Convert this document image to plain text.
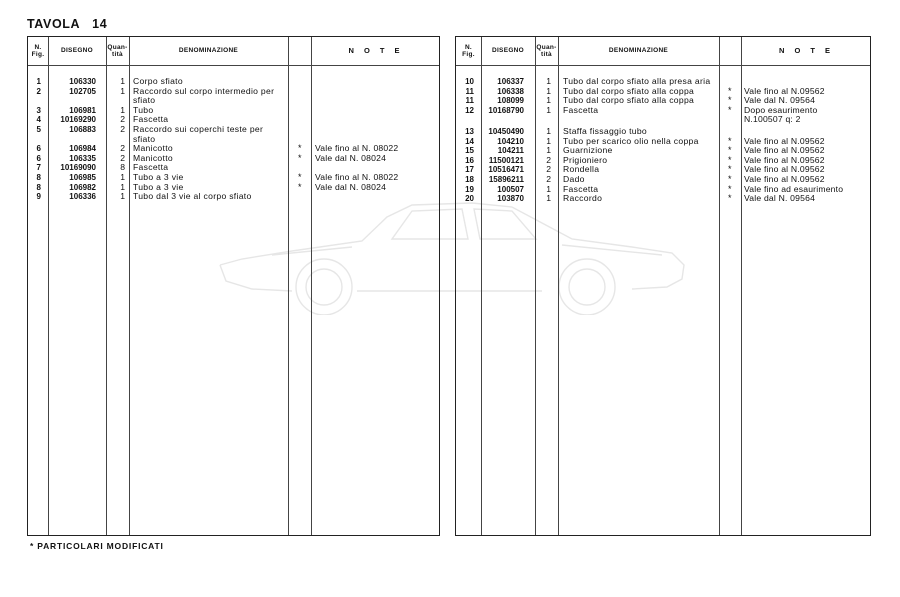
TAVOLA 14
N.
Fig.
DISEGNO
Quan-
tità
DENOMINAZIONE	N O T E
1	106330	1 Corpo sfiato
2	102705	1 Raccordo sul corpo intermedio per
sfiato
3	106981	1 Tubo
4	10169290	2 Fascetta
5	106883	2 Raccordo sui coperchi teste per
sfiato
6	106984	2 Manicotto	* Vale fino al N. 08022
6	106335	2 Manicotto	* Vale dal N. 08024
7	10169090	8 Fascetta
8	106985	1 Tubo a 3 vie	* Vale fino al N. 08022
8	106982	1 Tubo a 3 vie	* Vale dal N. 08024
9	106336	1 Tubo dal 3 vie al corpo sfiato
N.
Fig.
DISEGNO
Quan-
tità
DENOMINAZIONE	N O T E
10	106337	1 Tubo dal corpo sfiato alla presa aria
11	106338	1 Tubo dal corpo sfiato alla coppa	* Vale fino al N.09562
11	108099	1 Tubo dal corpo sfiato alla coppa	* Vale dal N. 09564
12	10168790	1 Fascetta	* Dopo esaurimento
N.100507 q: 2
13	10450490	1 Staffa fissaggio tubo
14	104210	1 Tubo per scarico olio nella coppa	* Vale fino al N.09562
15	104211	1 Guarnizione	* Vale fino al N.09562
16	11500121	2 Prigioniero	* Vale fino al N.09562
17	10516471	2 Rondella	* Vale fino al N.09562
18	15896211	2 Dado	* Vale fino al N.09562
19	100507	1 Fascetta	* Vale fino ad esaurimento
20	103870	1 Raccordo	* Vale dal N. 09564
* PARTICOLARI MODIFICATI
